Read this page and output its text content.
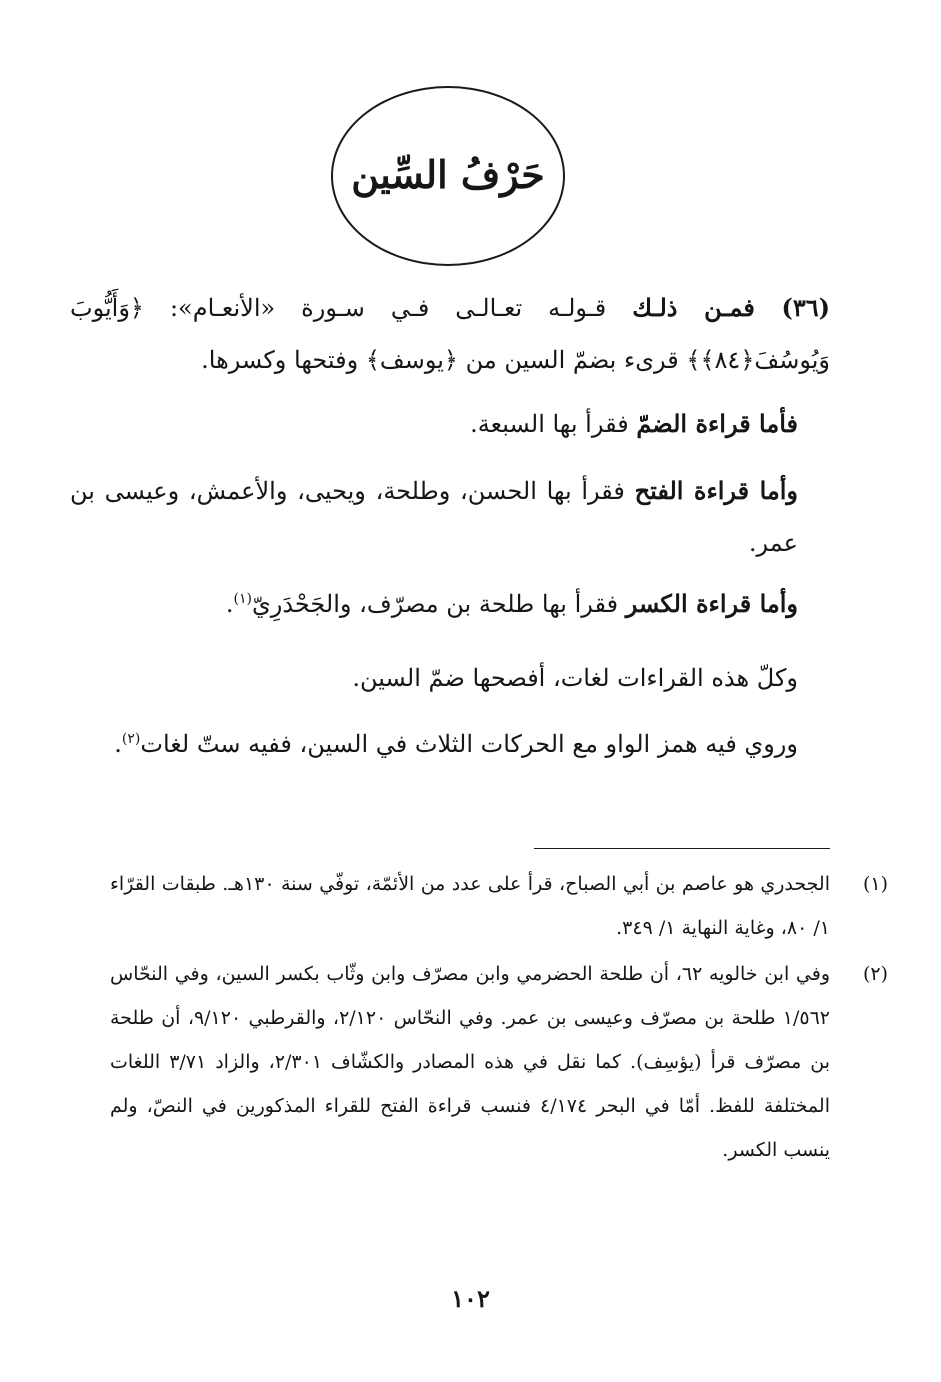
حَرْفُ السِّين
(٣٦) فمـن ذلـك قـولـه تعـالـى فـي سـورة «الأنعـام»: ﴿وَأَيُّوبَ وَيُوسُفَ﴿٨٤﴾﴾ قرىء بضمّ السين من ﴿يوسف﴾ وفتحها وكسرها.
فأما قراءة الضمّ فقرأ بها السبعة.
وأما قراءة الفتح فقرأ بها الحسن، وطلحة، ويحيى، والأعمش، وعيسى بن عمر.
وأما قراءة الكسر فقرأ بها طلحة بن مصرّف، والجَحْدَرِيّ$^{(١)}$.
وكلّ هذه القراءات لغات، أفصحها ضمّ السين.
وروي فيه همز الواو مع الحركات الثلاث في السين، ففيه ستّ لغات$^{(٢)}$.
(١)
الجحدري هو عاصم بن أبي الصباح، قرأ على عدد من الأئمّة، توفّي سنة ١٣٠هـ. طبقات القرّاء ١/ ٨٠، وغاية النهاية ١/ ٣٤٩.
(٢)
وفي ابن خالويه ٦٢، أن طلحة الحضرمي وابن مصرّف وابن وثّاب بكسر السين، وفي النحّاس ١/٥٦٢ طلحة بن مصرّف وعيسى بن عمر. وفي النحّاس ٢/١٢٠، والقرطبي ٩/١٢٠، أن طلحة بن مصرّف قرأ (يؤسِف). كما نقل في هذه المصادر والكشّاف ٢/٣٠١، والزاد ٣/٧١ اللغات المختلفة للفظ. أمّا في البحر ٤/١٧٤ فنسب قراءة الفتح للقراء المذكورين في النصّ، ولم ينسب الكسر.
١٠٢
